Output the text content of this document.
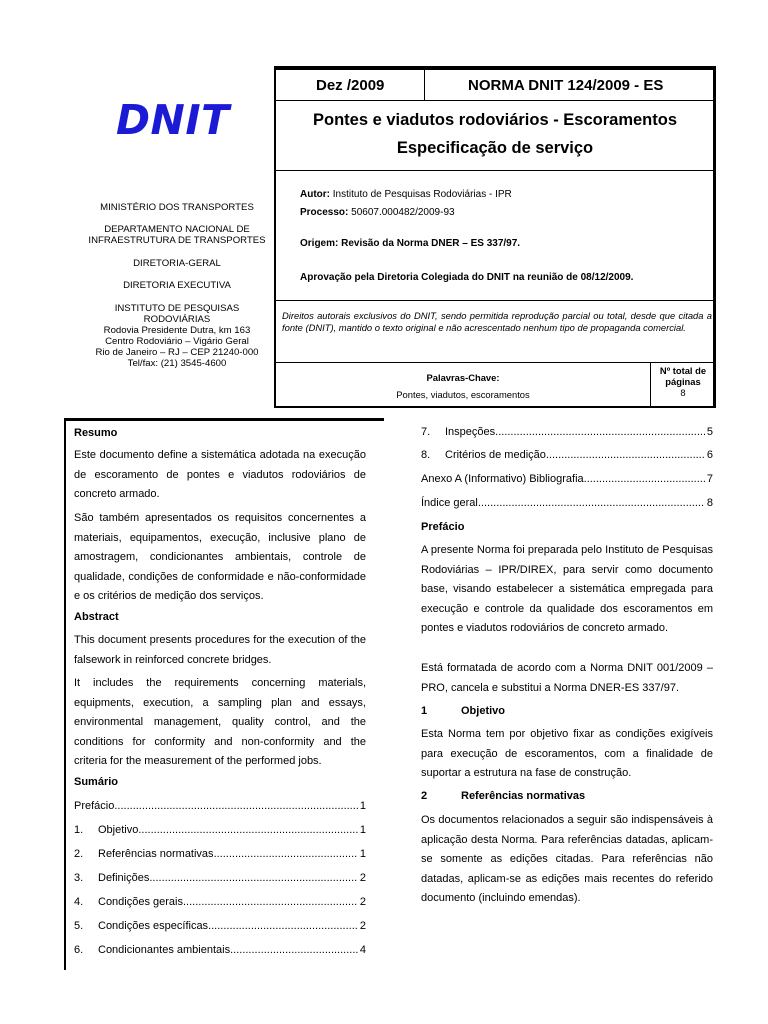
DNIT
Dez /2009	NORMA DNIT 124/2009 - ES
Pontes e viadutos rodoviários - Escoramentos
Especificação de serviço
Autor: Instituto de Pesquisas Rodoviárias - IPR
Processo: 50607.000482/2009-93
Origem: Revisão da Norma DNER – ES 337/97.
Aprovação pela Diretoria Colegiada do DNIT na reunião de 08/12/2009.
Direitos autorais exclusivos do DNIT, sendo permitida reprodução parcial ou total, desde que citada a fonte (DNIT), mantido o texto original e não acrescentado nenhum tipo de propaganda comercial.
Palavras-Chave:
Pontes, viadutos, escoramentos
Nº total de
páginas
8
MINISTÉRIO DOS TRANSPORTES
DEPARTAMENTO NACIONAL DE
INFRAESTRUTURA DE TRANSPORTES
DIRETORIA-GERAL
DIRETORIA EXECUTIVA
INSTITUTO DE PESQUISAS
RODOVIÁRIAS
Rodovia Presidente Dutra, km 163
Centro Rodoviário – Vigário Geral
Rio de Janeiro – RJ – CEP 21240-000
Tel/fax: (21) 3545-4600
Resumo
Este documento define a sistemática adotada na execução de escoramento de pontes e viadutos rodoviários de concreto armado.
São também apresentados os requisitos concernentes a materiais, equipamentos, execução, inclusive plano de amostragem, condicionantes ambientais, controle de qualidade, condições de conformidade e não-conformidade e os critérios de medição dos serviços.
Abstract
This document presents procedures for the execution of the falsework in reinforced concrete bridges.
It includes the requirements concerning materials, equipments, execution, a sampling plan and essays, environmental management, quality control, and the conditions for conformity and non-conformity and the criteria for the measurement of the performed jobs.
Sumário
Prefácio .....	1
1.	Objetivo .....	1
2.	Referências normativas .....	1
3.	Definições .....	2
4.	Condições gerais .....	2
5.	Condições específicas .....	2
6.	Condicionantes ambientais .....	4
7.	Inspeções .....	5
8.	Critérios de medição .....	6
Anexo A (Informativo) Bibliografia .....	7
Índice geral .....	8
Prefácio
A presente Norma foi preparada pelo Instituto de Pesquisas Rodoviárias – IPR/DIREX, para servir como documento base, visando estabelecer a sistemática empregada para execução e controle da qualidade dos escoramentos em pontes e viadutos rodoviários de concreto armado.
Está formatada de acordo com a Norma DNIT 001/2009 – PRO, cancela e substitui a Norma DNER-ES 337/97.
1	Objetivo
Esta Norma tem por objetivo fixar as condições exigíveis para execução de escoramentos, com a finalidade de suportar a estrutura na fase de construção.
2	Referências normativas
Os documentos relacionados a seguir são indispensáveis à aplicação desta Norma. Para referências datadas, aplicam-se somente as edições citadas. Para referências não datadas, aplicam-se as edições mais recentes do referido documento (incluindo emendas).
